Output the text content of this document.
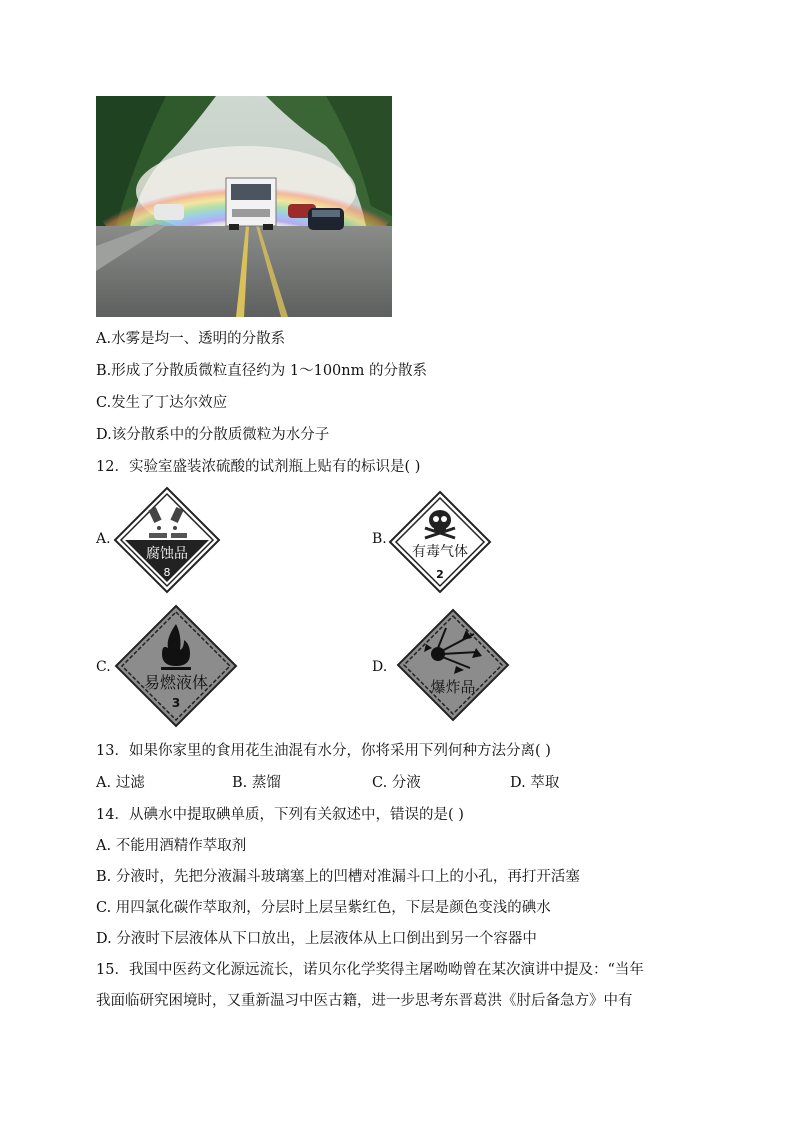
A.水雾是均一、透明的分散系
B.形成了分散质微粒直径约为 1～100nm 的分散系
C.发生了丁达尔效应
D.该分散系中的分散质微粒为水分子
12．实验室盛装浓硫酸的试剂瓶上贴有的标识是( )
A.
腐蚀品
8
B.
有毒气体
2
C.
易燃液体
3
D.
爆炸品
13．如果你家里的食用花生油混有水分，你将采用下列何种方法分离( )
A. 过滤	B. 蒸馏	C. 分液	D. 萃取
14．从碘水中提取碘单质，下列有关叙述中，错误的是( )
A. 不能用酒精作萃取剂
B. 分液时，先把分液漏斗玻璃塞上的凹槽对准漏斗口上的小孔，再打开活塞
C. 用四氯化碳作萃取剂，分层时上层呈紫红色，下层是颜色变浅的碘水
D. 分液时下层液体从下口放出，上层液体从上口倒出到另一个容器中
15．我国中医药文化源远流长，诺贝尔化学奖得主屠呦呦曾在某次演讲中提及：“当年
我面临研究困境时，又重新温习中医古籍，进一步思考东晋葛洪《肘后备急方》中有
